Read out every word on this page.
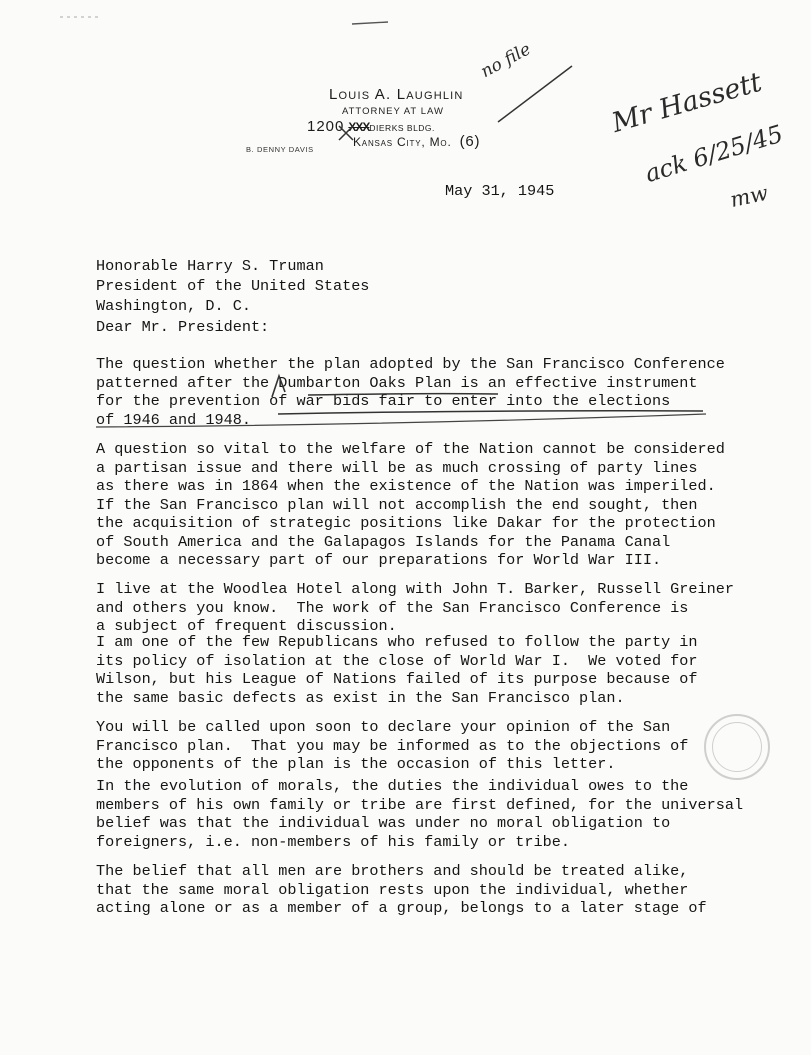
Louis A. Laughlin
ATTORNEY AT LAW
1200 XXXDIERKS BLDG.
Kansas City, Mo. (6)
B. DENNY DAVIS
no file
Mr Hassett
ack 6/25/45
mw
May 31, 1945
Honorable Harry S. Truman
President of the United States
Washington, D. C.
Dear Mr. President:
The question whether the plan adopted by the San Francisco Conference
patterned after the Dumbarton Oaks Plan is an effective instrument
for the prevention of war bids fair to enter into the elections
of 1946 and 1948.
A question so vital to the welfare of the Nation cannot be considered
a partisan issue and there will be as much crossing of party lines
as there was in 1864 when the existence of the Nation was imperiled.
If the San Francisco plan will not accomplish the end sought, then
the acquisition of strategic positions like Dakar for the protection
of South America and the Galapagos Islands for the Panama Canal
become a necessary part of our preparations for World War III.
I live at the Woodlea Hotel along with John T. Barker, Russell Greiner
and others you know.  The work of the San Francisco Conference is
a subject of frequent discussion.
I am one of the few Republicans who refused to follow the party in
its policy of isolation at the close of World War I.  We voted for
Wilson, but his League of Nations failed of its purpose because of
the same basic defects as exist in the San Francisco plan.
You will be called upon soon to declare your opinion of the San
Francisco plan.  That you may be informed as to the objections of
the opponents of the plan is the occasion of this letter.
In the evolution of morals, the duties the individual owes to the
members of his own family or tribe are first defined, for the universal
belief was that the individual was under no moral obligation to
foreigners, i.e. non-members of his family or tribe.
The belief that all men are brothers and should be treated alike,
that the same moral obligation rests upon the individual, whether
acting alone or as a member of a group, belongs to a later stage of
